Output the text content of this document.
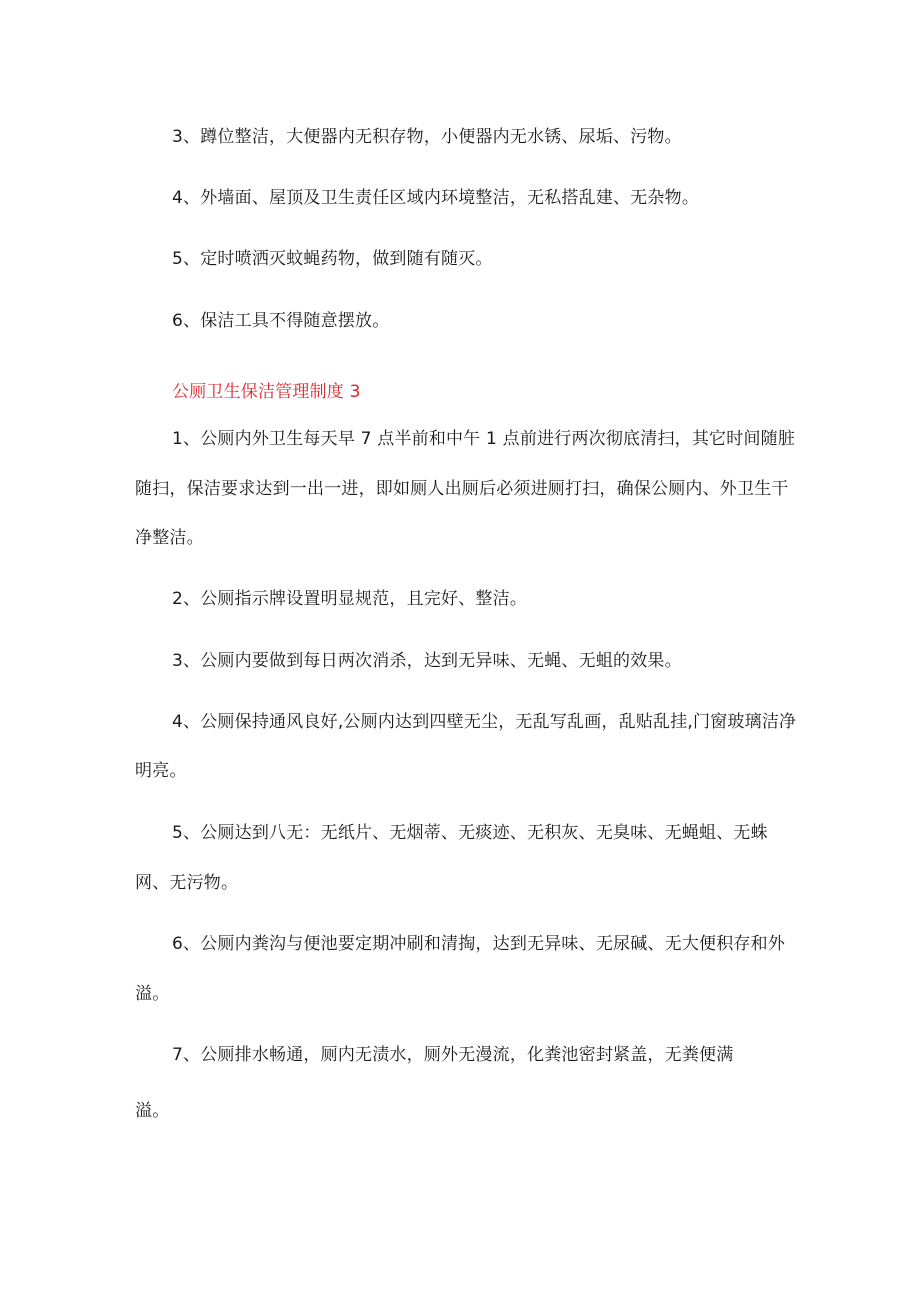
3、蹲位整洁，大便器内无积存物，小便器内无水锈、尿垢、污物。
4、外墙面、屋顶及卫生责任区域内环境整洁，无私搭乱建、无杂物。
5、定时喷洒灭蚊蝇药物，做到随有随灭。
6、保洁工具不得随意摆放。
公厕卫生保洁管理制度 3
1、公厕内外卫生每天早 7 点半前和中午 1 点前进行两次彻底清扫，其它时间随脏
随扫，保洁要求达到一出一进，即如厕人出厕后必须进厕打扫，确保公厕内、外卫生干
净整洁。
2、公厕指示牌设置明显规范，且完好、整洁。
3、公厕内要做到每日两次消杀，达到无异味、无蝇、无蛆的效果。
4、公厕保持通风良好,公厕内达到四壁无尘，无乱写乱画，乱贴乱挂,门窗玻璃洁净
明亮。
5、公厕达到八无：无纸片、无烟蒂、无痰迹、无积灰、无臭味、无蝇蛆、无蛛
网、无污物。
6、公厕内粪沟与便池要定期冲刷和清掏，达到无异味、无尿碱、无大便积存和外
溢。
7、公厕排水畅通，厕内无渍水，厕外无漫流，化粪池密封紧盖，无粪便满
溢。
